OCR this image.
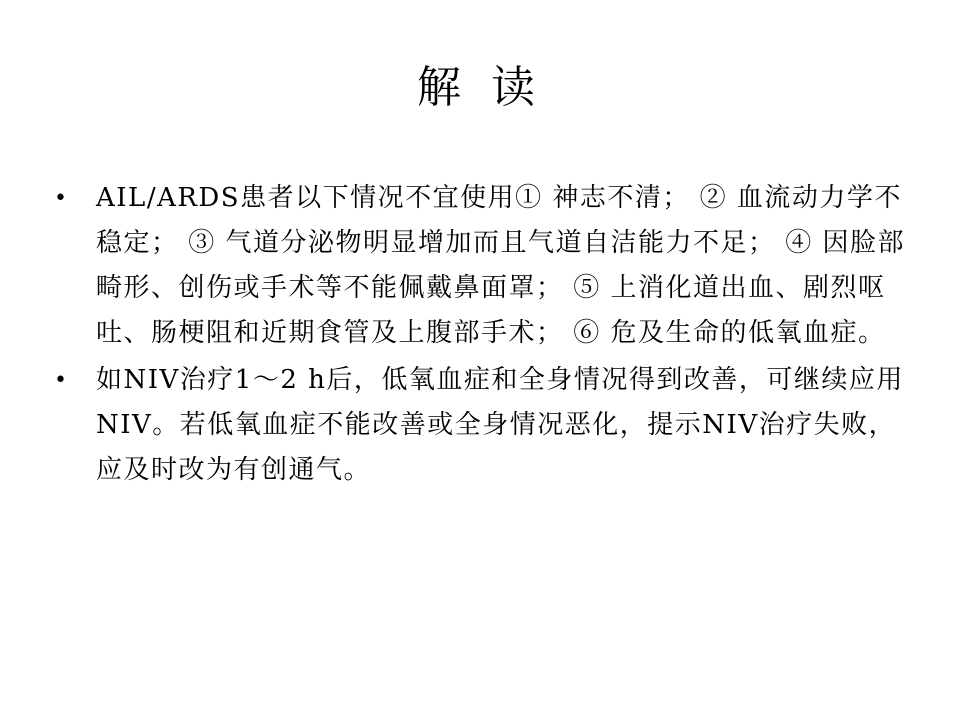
解 读
•	AIL/ARDS患者以下情况不宜使用① 神志不清； ② 血流动力学不稳定； ③ 气道分泌物明显增加而且气道自洁能力不足； ④ 因脸部畸形、创伤或手术等不能佩戴鼻面罩； ⑤ 上消化道出血、剧烈呕吐、肠梗阻和近期食管及上腹部手术； ⑥ 危及生命的低氧血症。
•	如NIV治疗1～2 h后，低氧血症和全身情况得到改善，可继续应用NIV。若低氧血症不能改善或全身情况恶化，提示NIV治疗失败，应及时改为有创通气。
